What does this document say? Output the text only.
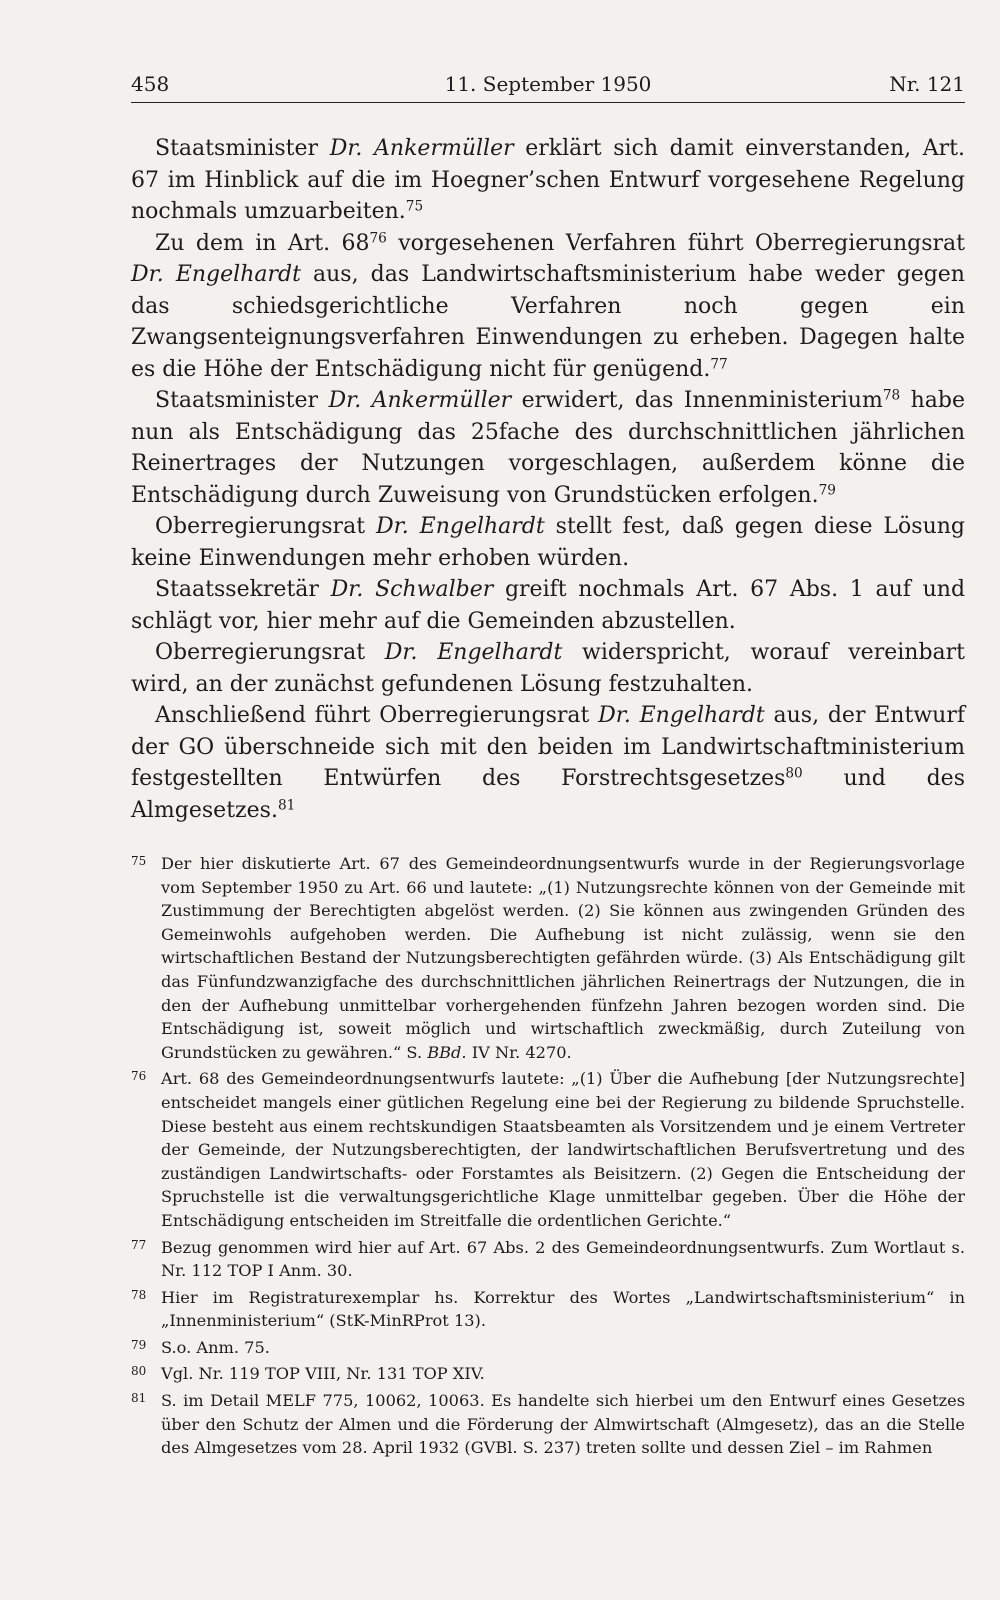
458	11. September 1950	Nr. 121

Staatsminister Dr. Ankermüller erklärt sich damit einverstanden, Art. 67 im Hinblick auf die im Hoegner’schen Entwurf vorgesehene Regelung nochmals umzuarbeiten.$^{75}$

Zu dem in Art. $68^{76}$ vorgesehenen Verfahren führt Oberregierungsrat Dr. Engelhardt aus, das Landwirtschaftsministerium habe weder gegen das schiedsgerichtliche Verfahren noch gegen ein Zwangsenteignungsverfahren Einwendungen zu erheben. Dagegen halte es die Höhe der Entschädigung nicht für genügend.$^{77}$

Staatsminister Dr. Ankermüller erwidert, das Innenministerium$^{78}$ habe nun als Entschädigung das 25fache des durchschnittlichen jährlichen Reinertrages der Nutzungen vorgeschlagen, außerdem könne die Entschädigung durch Zuweisung von Grundstücken erfolgen.$^{79}$

Oberregierungsrat Dr. Engelhardt stellt fest, daß gegen diese Lösung keine Einwendungen mehr erhoben würden.

Staatssekretär Dr. Schwalber greift nochmals Art. 67 Abs. 1 auf und schlägt vor, hier mehr auf die Gemeinden abzustellen.

Oberregierungsrat Dr. Engelhardt widerspricht, worauf vereinbart wird, an der zunächst gefundenen Lösung festzuhalten.

Anschließend führt Oberregierungsrat Dr. Engelhardt aus, der Entwurf der GO überschneide sich mit den beiden im Landwirtschaftministerium festgestellten Entwürfen des Forstrechtsgesetzes$^{80}$ und des Almgesetzes.$^{81}$

75 Der hier diskutierte Art. 67 des Gemeindeordnungsentwurfs wurde in der Regierungsvorlage vom September 1950 zu Art. 66 und lautete: „(1) Nutzungsrechte können von der Gemeinde mit Zustimmung der Berechtigten abgelöst werden. (2) Sie können aus zwingenden Gründen des Gemeinwohls aufgehoben werden. Die Aufhebung ist nicht zulässig, wenn sie den wirtschaftlichen Bestand der Nutzungsberechtigten gefährden würde. (3) Als Entschädigung gilt das Fünfundzwanzigfache des durchschnittlichen jährlichen Reinertrags der Nutzungen, die in den der Aufhebung unmittelbar vorhergehenden fünfzehn Jahren bezogen worden sind. Die Entschädigung ist, soweit möglich und wirtschaftlich zweckmäßig, durch Zuteilung von Grundstücken zu gewähren.“ S. BBd. IV Nr. 4270.
76 Art. 68 des Gemeindeordnungsentwurfs lautete: „(1) Über die Aufhebung [der Nutzungsrechte] entscheidet mangels einer gütlichen Regelung eine bei der Regierung zu bildende Spruchstelle. Diese besteht aus einem rechtskundigen Staatsbeamten als Vorsitzendem und je einem Vertreter der Gemeinde, der Nutzungsberechtigten, der landwirtschaftlichen Berufsvertretung und des zuständigen Landwirtschafts- oder Forstamtes als Beisitzern. (2) Gegen die Entscheidung der Spruchstelle ist die verwaltungsgerichtliche Klage unmittelbar gegeben. Über die Höhe der Entschädigung entscheiden im Streitfalle die ordentlichen Gerichte.“
77 Bezug genommen wird hier auf Art. 67 Abs. 2 des Gemeindeordnungsentwurfs. Zum Wortlaut s. Nr. 112 TOP I Anm. 30.
78 Hier im Registraturexemplar hs. Korrektur des Wortes „Landwirtschaftsministerium“ in „Innenministerium“ (StK-MinRProt 13).
79 S.o. Anm. 75.
80 Vgl. Nr. 119 TOP VIII, Nr. 131 TOP XIV.
81 S. im Detail MELF 775, 10062, 10063. Es handelte sich hierbei um den Entwurf eines Gesetzes über den Schutz der Almen und die Förderung der Almwirtschaft (Almgesetz), das an die Stelle des Almgesetzes vom 28. April 1932 (GVBl. S. 237) treten sollte und dessen Ziel – im Rahmen
